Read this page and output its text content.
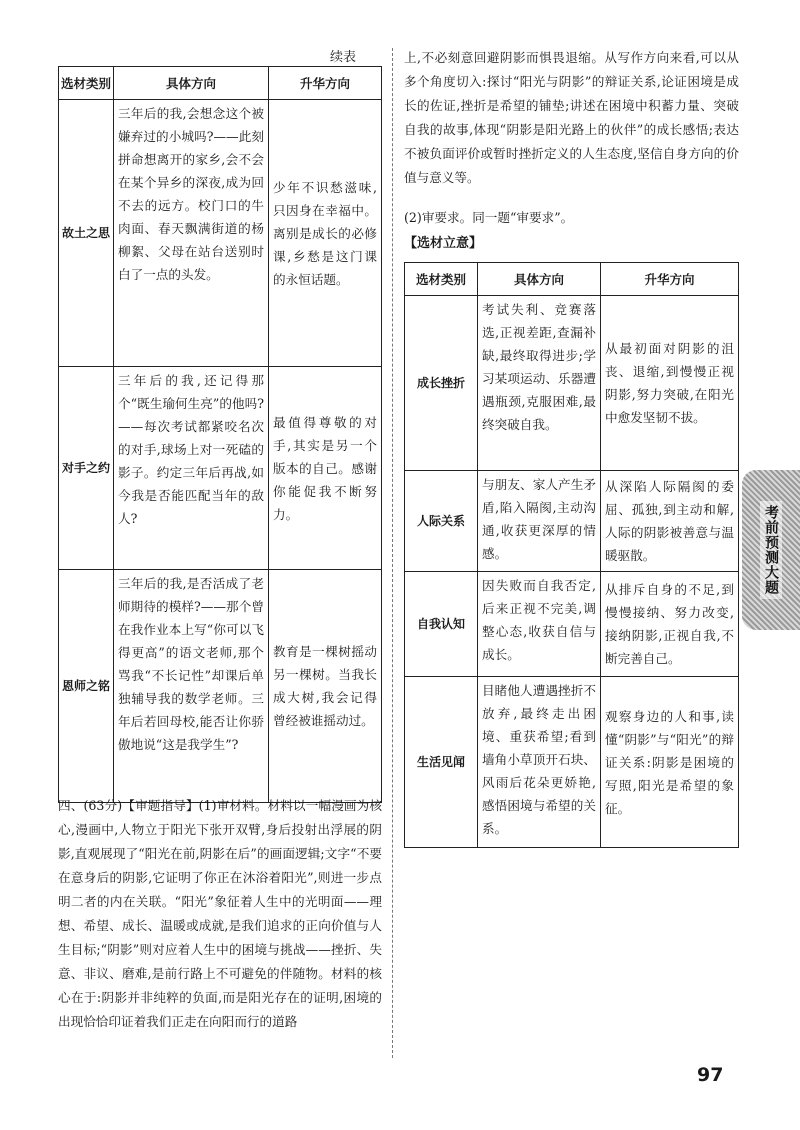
续表
选材类别	具体方向	升华方向
故土之思	三年后的我,会想念这个被嫌弃过的小城吗?——此刻拼命想离开的家乡,会不会在某个异乡的深夜,成为回不去的远方。校门口的牛肉面、春天飘满街道的杨柳絮、父母在站台送别时白了一点的头发。	少年不识愁滋味,只因身在幸福中。离别是成长的必修课,乡愁是这门课的永恒话题。
对手之约	三年后的我,还记得那个“既生瑜何生亮”的他吗?——每次考试都紧咬名次的对手,球场上对一死磕的影子。约定三年后再战,如今我是否能匹配当年的敌人?	最值得尊敬的对手,其实是另一个版本的自己。感谢你能促我不断努力。
恩师之铭	三年后的我,是否活成了老师期待的模样?——那个曾在我作业本上写“你可以飞得更高”的语文老师,那个骂我“不长记性”却课后单独辅导我的数学老师。三年后若回母校,能否让你骄傲地说“这是我学生”?	教育是一棵树摇动另一棵树。当我长成大树,我会记得曾经被谁摇动过。

四、(63分)【审题指导】(1)审材料。材料以一幅漫画为核心,漫画中,人物立于阳光下张开双臂,身后投射出浮展的阴影,直观展现了“阳光在前,阴影在后”的画面逻辑;文字“不要在意身后的阴影,它证明了你正在沐浴着阳光”,则进一步点明二者的内在关联。“阳光”象征着人生中的光明面——理想、希望、成长、温暖或成就,是我们追求的正向价值与人生目标;“阴影”则对应着人生中的困境与挑战——挫折、失意、非议、磨难,是前行路上不可避免的伴随物。材料的核心在于:阴影并非纯粹的负面,而是阳光存在的证明,困境的出现恰恰印证着我们正走在向阳而行的道路

上,不必刻意回避阴影而惧畏退缩。从写作方向来看,可以从多个角度切入:探讨“阳光与阴影”的辩证关系,论证困境是成长的佐证,挫折是希望的铺垫;讲述在困境中积蓄力量、突破自我的故事,体现“阴影是阳光路上的伙伴”的成长感悟;表达不被负面评价或暂时挫折定义的人生态度,坚信自身方向的价值与意义等。

(2)审要求。同一题“审要求”。

【选材立意】
选材类别	具体方向	升华方向
成长挫折	考试失利、竞赛落选,正视差距,查漏补缺,最终取得进步;学习某项运动、乐器遭遇瓶颈,克服困难,最终突破自我。	从最初面对阴影的沮丧、退缩,到慢慢正视阴影,努力突破,在阳光中愈发坚韧不拔。
人际关系	与朋友、家人产生矛盾,陷入隔阂,主动沟通,收获更深厚的情感。	从深陷人际隔阂的委屈、孤独,到主动和解,人际的阴影被善意与温暖驱散。
自我认知	因失败而自我否定,后来正视不完美,调整心态,收获自信与成长。	从排斥自身的不足,到慢慢接纳、努力改变,接纳阴影,正视自我,不断完善自己。
生活见闻	目睹他人遭遇挫折不放弃,最终走出困境、重获希望;看到墙角小草顶开石块、风雨后花朵更娇艳,感悟困境与希望的关系。	观察身边的人和事,读懂“阴影”与“阳光”的辩证关系:阴影是困境的写照,阳光是希望的象征。
考前预测大题
97
